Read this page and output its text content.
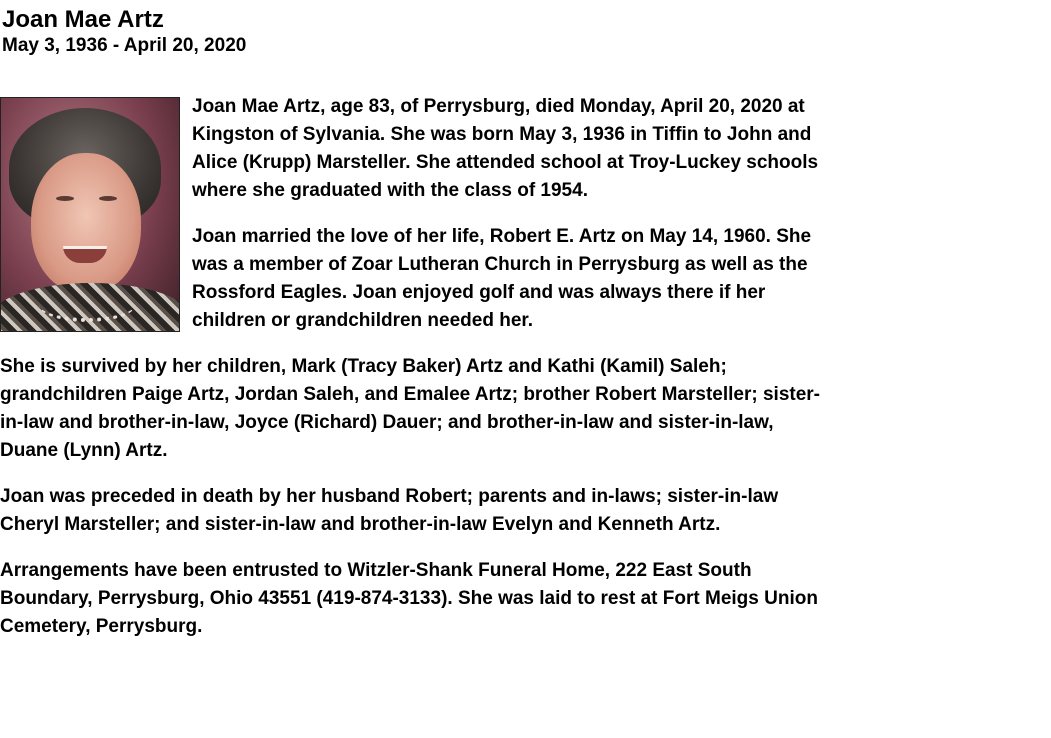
Joan Mae Artz
May 3, 1936 - April 20, 2020

Joan Mae Artz, age 83, of Perrysburg, died Monday, April 20, 2020 at Kingston of Sylvania. She was born May 3, 1936 in Tiffin to John and Alice (Krupp) Marsteller. She attended school at Troy-Luckey schools where she graduated with the class of 1954.

Joan married the love of her life, Robert E. Artz on May 14, 1960. She was a member of Zoar Lutheran Church in Perrysburg as well as the Rossford Eagles. Joan enjoyed golf and was always there if her children or grandchildren needed her.

She is survived by her children, Mark (Tracy Baker) Artz and Kathi (Kamil) Saleh; grandchildren Paige Artz, Jordan Saleh, and Emalee Artz; brother Robert Marsteller; sister-in-law and brother-in-law, Joyce (Richard) Dauer; and brother-in-law and sister-in-law, Duane (Lynn) Artz.

Joan was preceded in death by her husband Robert; parents and in-laws; sister-in-law Cheryl Marsteller; and sister-in-law and brother-in-law Evelyn and Kenneth Artz.

Arrangements have been entrusted to Witzler-Shank Funeral Home, 222 East South Boundary, Perrysburg, Ohio 43551 (419-874-3133). She was laid to rest at Fort Meigs Union Cemetery, Perrysburg.
